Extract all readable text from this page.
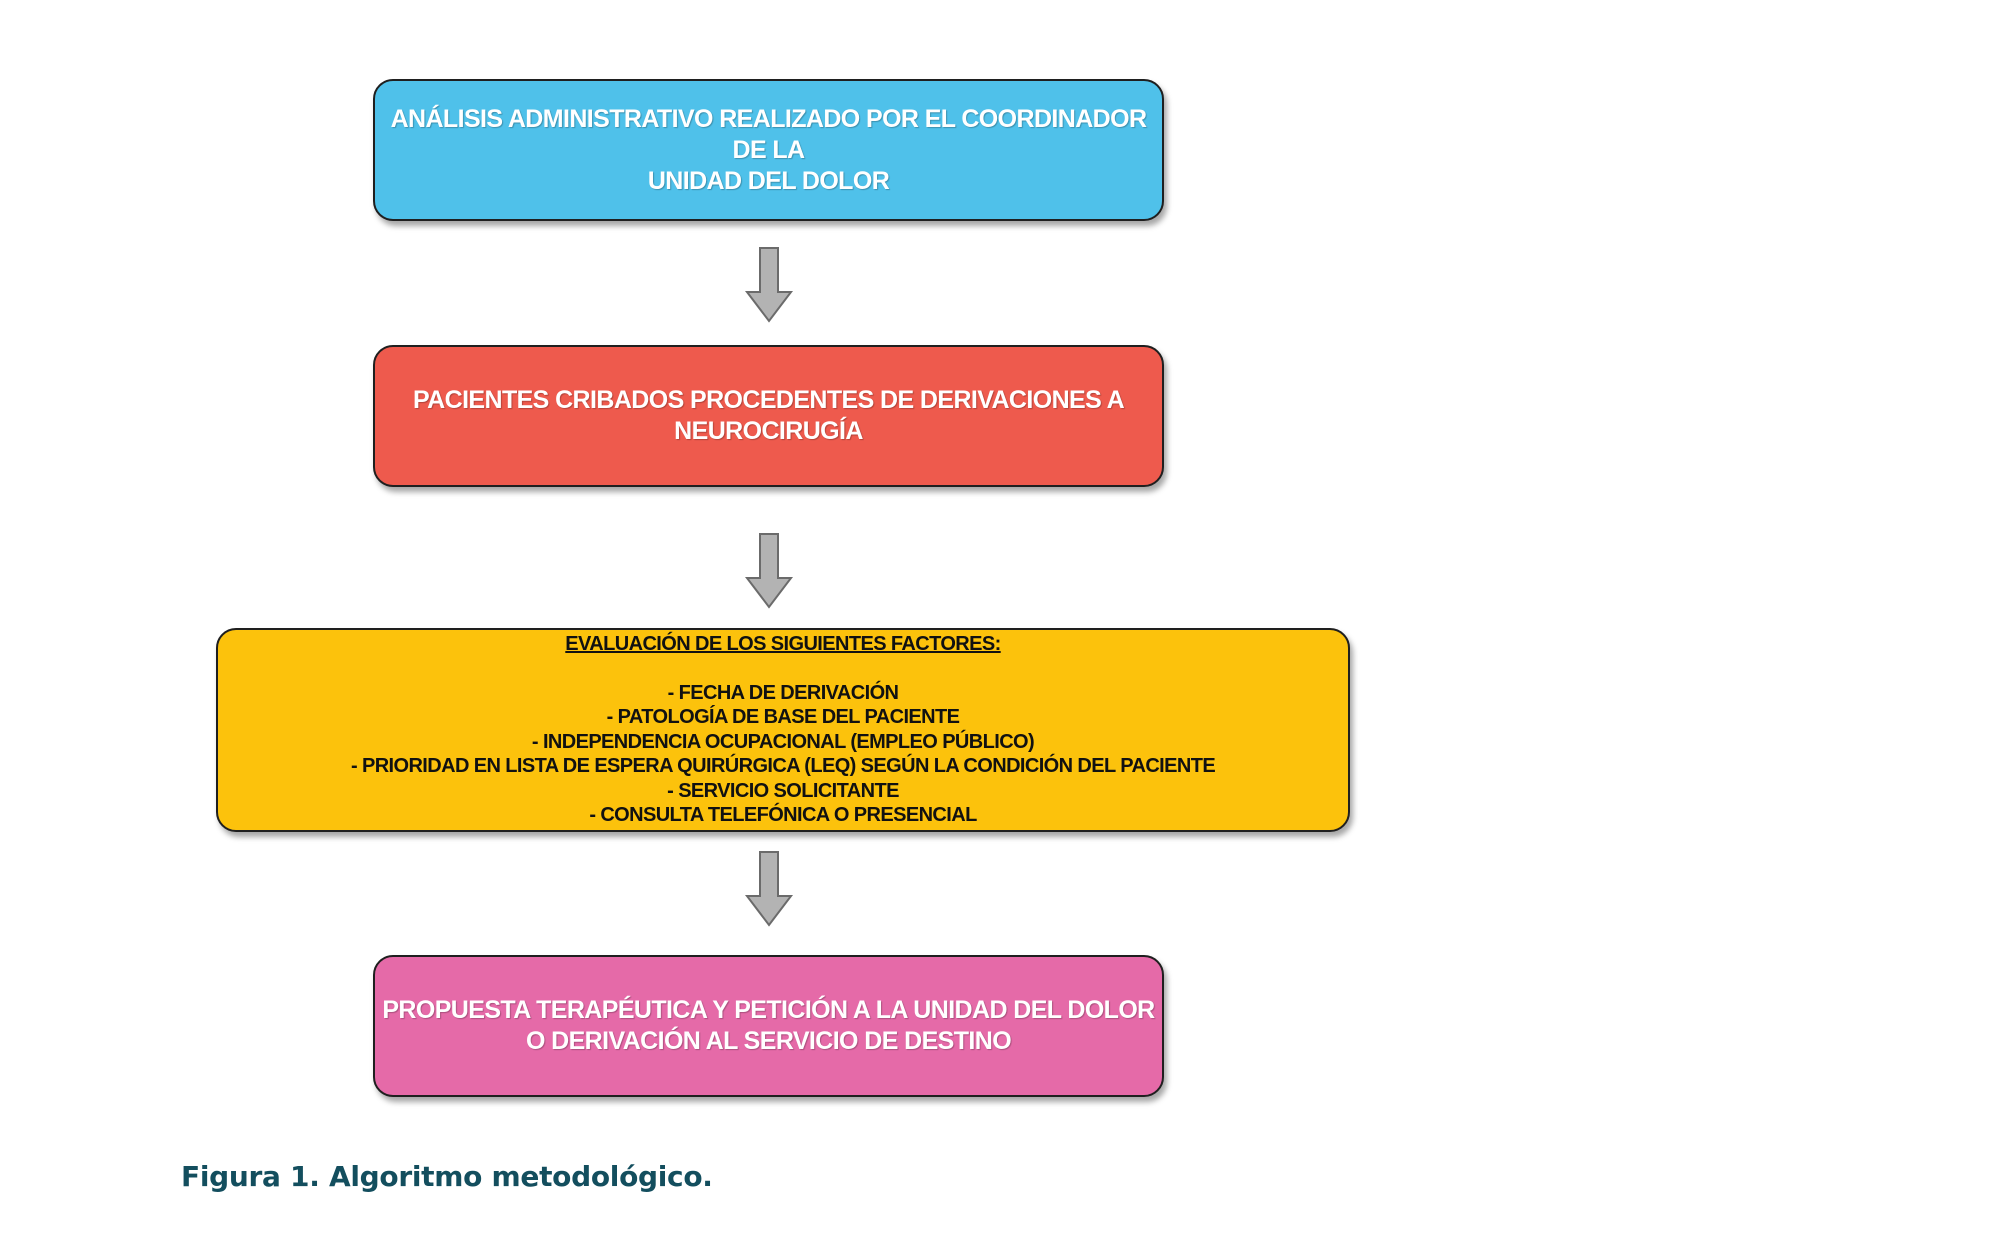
ANÁLISIS ADMINISTRATIVO REALIZADO POR EL COORDINADOR DE LA
UNIDAD DEL DOLOR
PACIENTES CRIBADOS PROCEDENTES DE DERIVACIONES A
NEUROCIRUGÍA
EVALUACIÓN DE LOS SIGUIENTES FACTORES:
- FECHA DE DERIVACIÓN
- PATOLOGÍA DE BASE DEL PACIENTE
- INDEPENDENCIA OCUPACIONAL (EMPLEO PÚBLICO)
- PRIORIDAD EN LISTA DE ESPERA QUIRÚRGICA (LEQ) SEGÚN LA CONDICIÓN DEL PACIENTE
- SERVICIO SOLICITANTE
- CONSULTA TELEFÓNICA O PRESENCIAL
PROPUESTA TERAPÉUTICA Y PETICIÓN A LA UNIDAD DEL DOLOR
O DERIVACIÓN AL SERVICIO DE DESTINO
Figura 1. Algoritmo metodológico.
